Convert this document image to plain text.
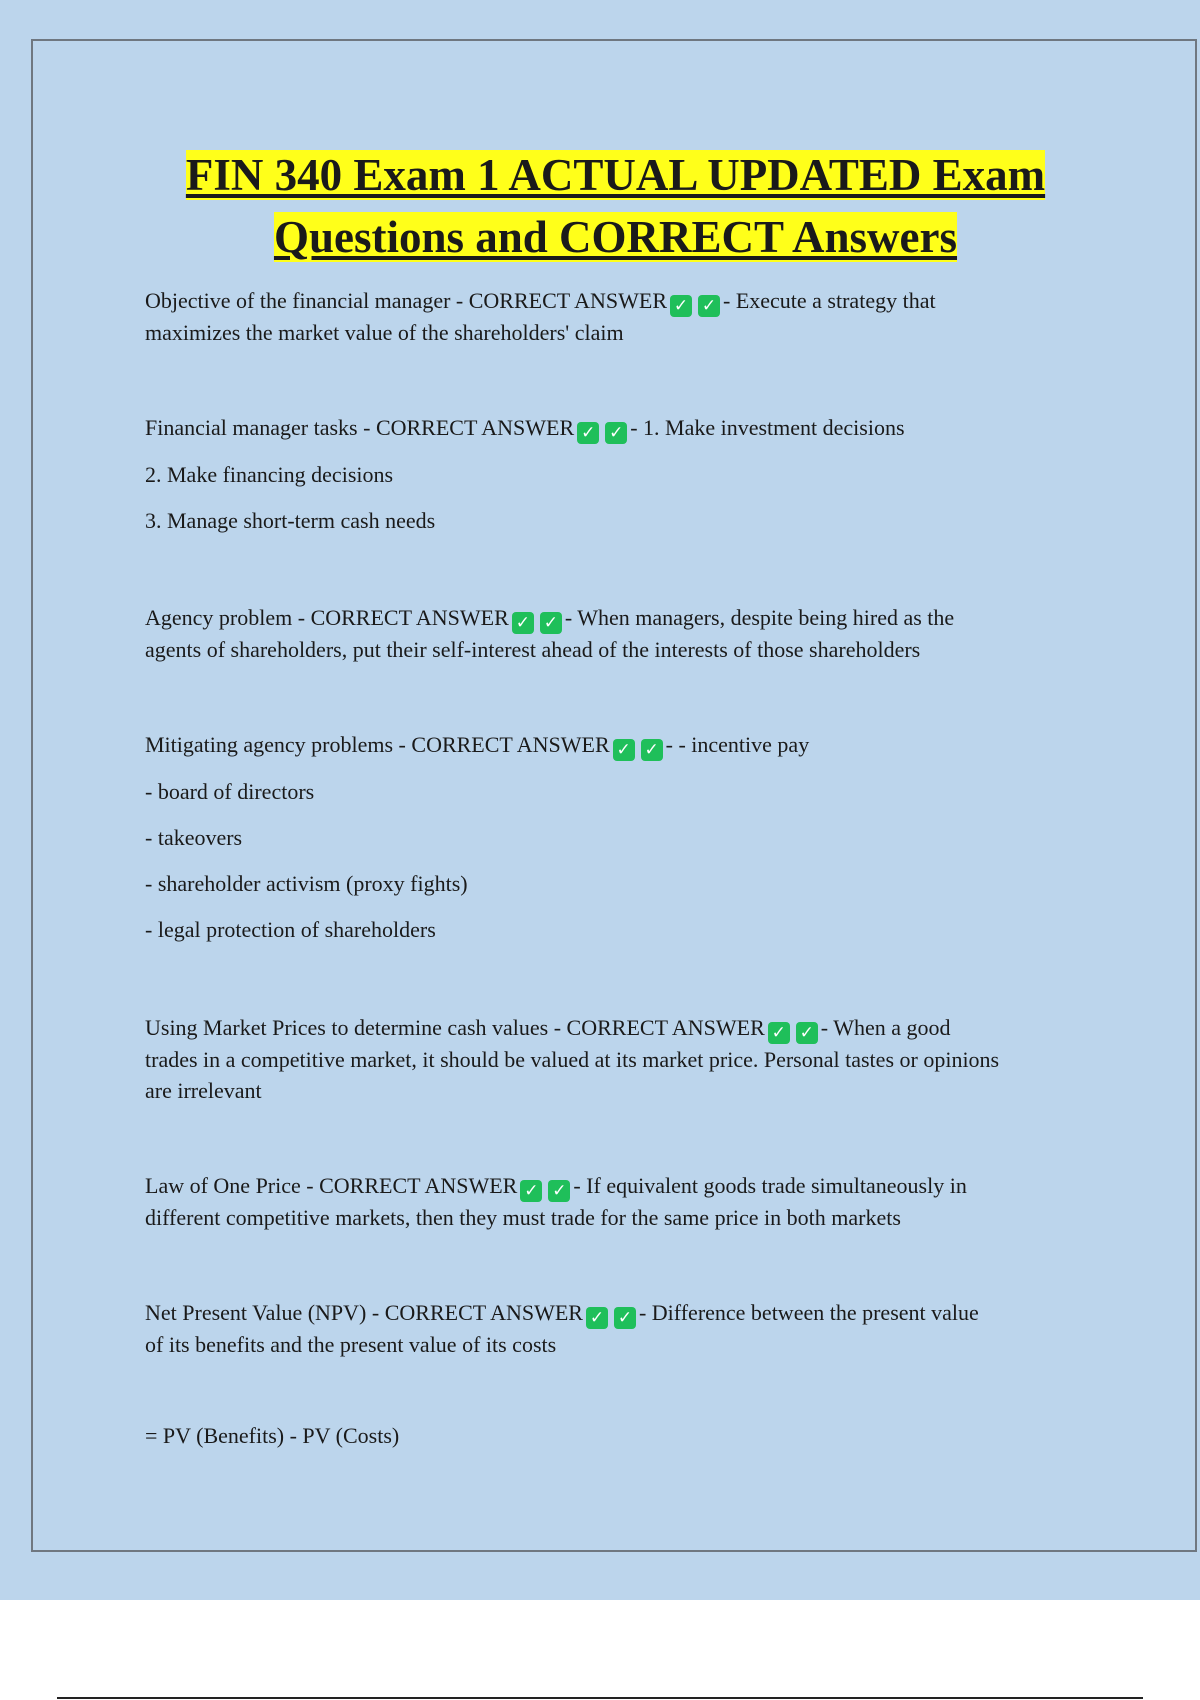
FIN 340 Exam 1 ACTUAL UPDATED Exam
Questions and CORRECT Answers

Objective of the financial manager - CORRECT ANSWER ✓ ✓ - Execute a strategy that

maximizes the market value of the shareholders' claim

Financial manager tasks - CORRECT ANSWER ✓ ✓ - 1. Make investment decisions

2. Make financing decisions

3. Manage short-term cash needs

Agency problem - CORRECT ANSWER ✓ ✓ - When managers, despite being hired as the

agents of shareholders, put their self-interest ahead of the interests of those shareholders

Mitigating agency problems - CORRECT ANSWER ✓ ✓ - - incentive pay

- board of directors

- takeovers

- shareholder activism (proxy fights)

- legal protection of shareholders

Using Market Prices to determine cash values - CORRECT ANSWER ✓ ✓ - When a good

trades in a competitive market, it should be valued at its market price. Personal tastes or opinions

are irrelevant

Law of One Price - CORRECT ANSWER ✓ ✓ - If equivalent goods trade simultaneously in

different competitive markets, then they must trade for the same price in both markets

Net Present Value (NPV) - CORRECT ANSWER ✓ ✓ - Difference between the present value

of its benefits and the present value of its costs

= PV (Benefits) - PV (Costs)
